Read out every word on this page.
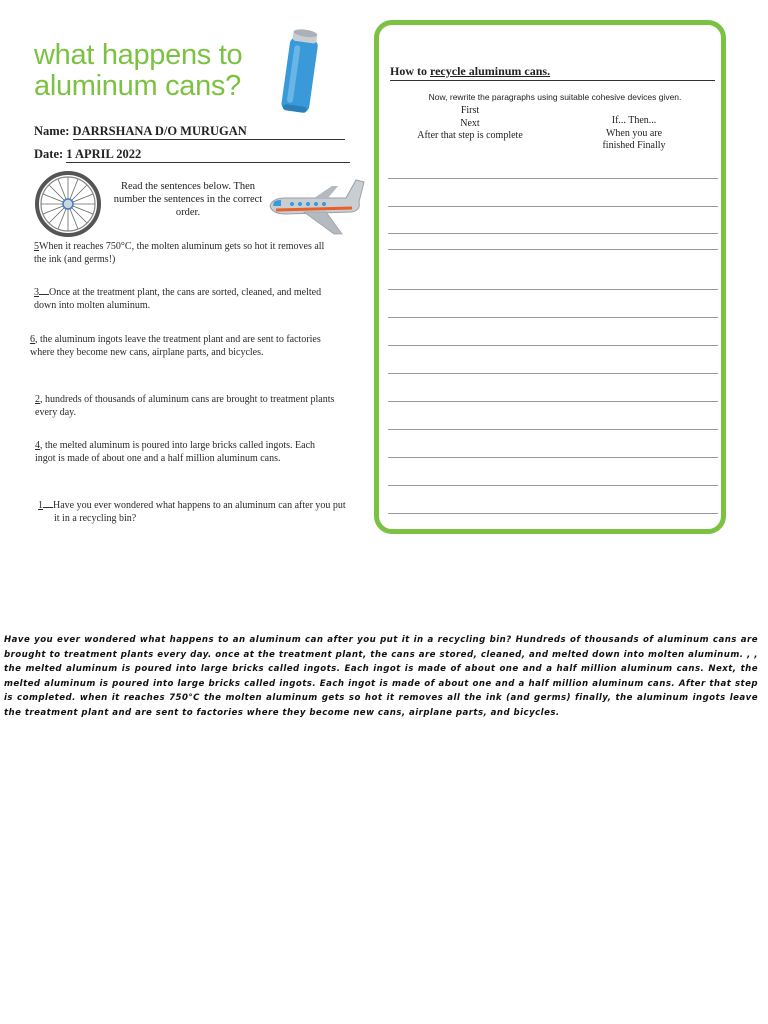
what happens to
aluminum cans?
Name: DARRSHANA D/O MURUGAN
Date: 1 APRIL 2022
Read the sentences below. Then number the sentences in the correct order.
5When it reaches 750°C, the molten aluminum gets so hot it removes all the ink (and germs!)
3 Once at the treatment plant, the cans are sorted, cleaned, and melted down into molten aluminum.
6, the aluminum ingots leave the treatment plant and are sent to factories where they become new cans, airplane parts, and bicycles.
2, hundreds of thousands of aluminum cans are brought to treatment plants every day.
4, the melted aluminum is poured into large bricks called ingots. Each ingot is made of about one and a half million aluminum cans.
1 Have you ever wondered what happens to an aluminum can after you put it in a recycling bin?
How to recycle aluminum cans.
Now, rewrite the paragraphs using suitable cohesive devices given.
First
Next
After that step is complete
If... Then...
When you are
finished Finally
Have you ever wondered what happens to an aluminum can after you put it in a recycling bin? Hundreds of thousands of aluminum cans are brought to treatment plants every day. once at the treatment plant, the cans are stored, cleaned, and melted down into molten aluminum. , , the melted aluminum is poured into large bricks called ingots. Each ingot is made of about one and a half million aluminum cans. Next, the melted aluminum is poured into large bricks called ingots. Each ingot is made of about one and a half million aluminum cans. After that step is completed. when it reaches 750°C the molten aluminum gets so hot it removes all the ink (and germs) finally, the aluminum ingots leave the treatment plant and are sent to factories where they become new cans, airplane parts, and bicycles.
